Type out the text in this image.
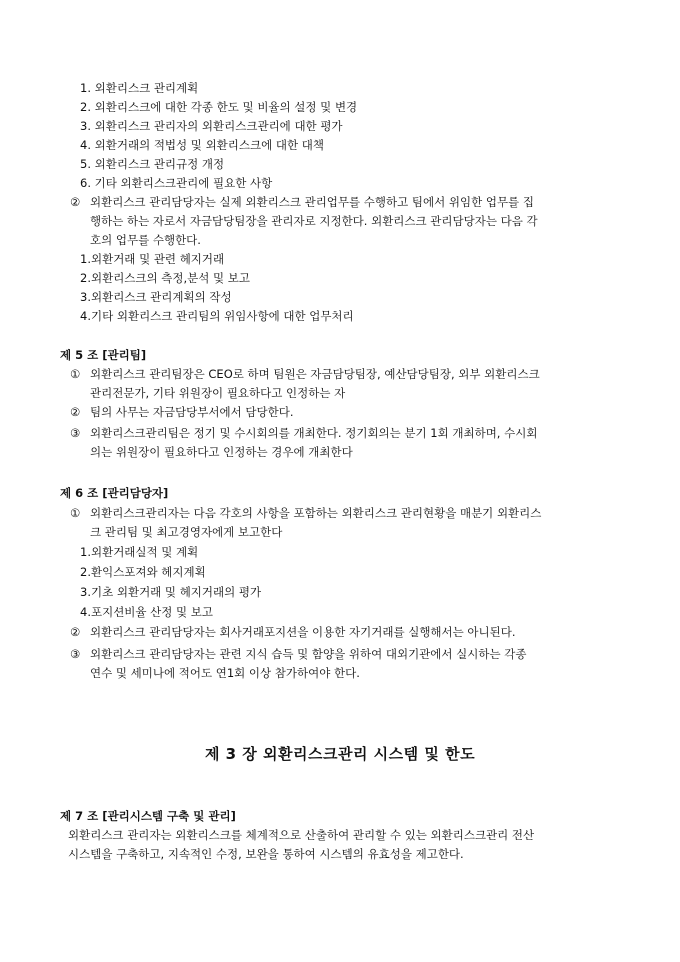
1. 외환리스크 관리계획
2. 외환리스크에 대한 각종 한도 및 비율의 설정 및 변경
3. 외환리스크 관리자의 외환리스크관리에 대한 평가
4. 외환거래의 적법성 및 외환리스크에 대한 대책
5. 외환리스크 관리규정 개정
6. 기타 외환리스크관리에 필요한 사항
② 외환리스크 관리담당자는 실제 외환리스크 관리업무를 수행하고 팀에서 위임한 업무를 집
행하는 하는 자로서 자금담당팀장을 관리자로 지정한다. 외환리스크 관리담당자는 다음 각
호의 업무를 수행한다.
1.외환거래 및 관련 헤지거래
2.외환리스크의 측정,분석 및 보고
3.외환리스크 관리계획의 작성
4.기타 외환리스크 관리팀의 위임사항에 대한 업무처리
제 5 조 [관리팀]
① 외환리스크 관리팀장은 CEO로 하며 팀원은 자금담당팀장, 예산담당팀장, 외부 외환리스크
관리전문가, 기타 위원장이 필요하다고 인정하는 자
② 팀의 사무는 자금담당부서에서 담당한다.
③ 외환리스크관리팀은 정기 및 수시회의를 개최한다. 정기회의는 분기 1회 개최하며, 수시회
의는 위원장이 필요하다고 인정하는 경우에 개최한다
제 6 조 [관리담당자]
① 외환리스크관리자는 다음 각호의 사항을 포함하는 외환리스크 관리현황을 매분기 외환리스
크 관리팀 및 최고경영자에게 보고한다
1.외환거래실적 및 계획
2.환익스포져와 헤지계획
3.기초 외환거래 및 헤지거래의 평가
4.포지션비율 산정 및 보고
② 외환리스크 관리담당자는 회사거래포지션을 이용한 자기거래를 실행해서는 아니된다.
③ 외환리스크 관리담당자는 관련 지식 습득 및 함양을 위하여 대외기관에서 실시하는 각종
연수 및 세미나에 적어도 연1회 이상 참가하여야 한다.
제 3 장 외환리스크관리 시스템 및 한도
제 7 조 [관리시스템 구축 및 관리]
외환리스크 관리자는 외환리스크를 체계적으로 산출하여 관리할 수 있는 외환리스크관리 전산
시스템을 구축하고, 지속적인 수정, 보완을 통하여 시스템의 유효성을 제고한다.
